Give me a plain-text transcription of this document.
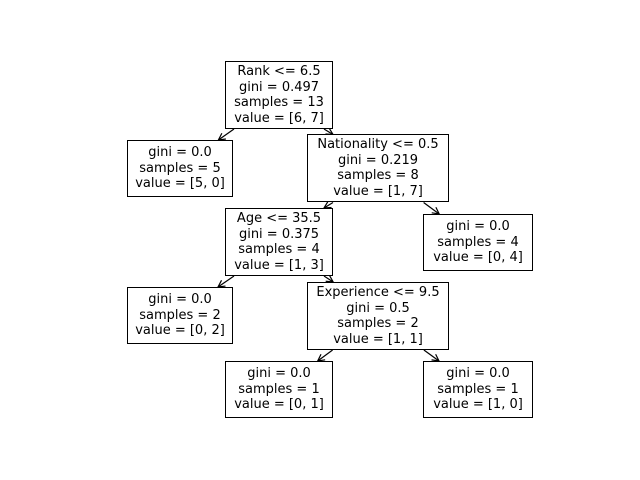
Rank <= 6.5
gini = 0.497
samples = 13
value = [6, 7]
gini = 0.0
samples = 5
value = [5, 0]
Nationality <= 0.5
gini = 0.219
samples = 8
value = [1, 7]
Age <= 35.5
gini = 0.375
samples = 4
value = [1, 3]
gini = 0.0
samples = 4
value = [0, 4]
gini = 0.0
samples = 2
value = [0, 2]
Experience <= 9.5
gini = 0.5
samples = 2
value = [1, 1]
gini = 0.0
samples = 1
value = [0, 1]
gini = 0.0
samples = 1
value = [1, 0]
